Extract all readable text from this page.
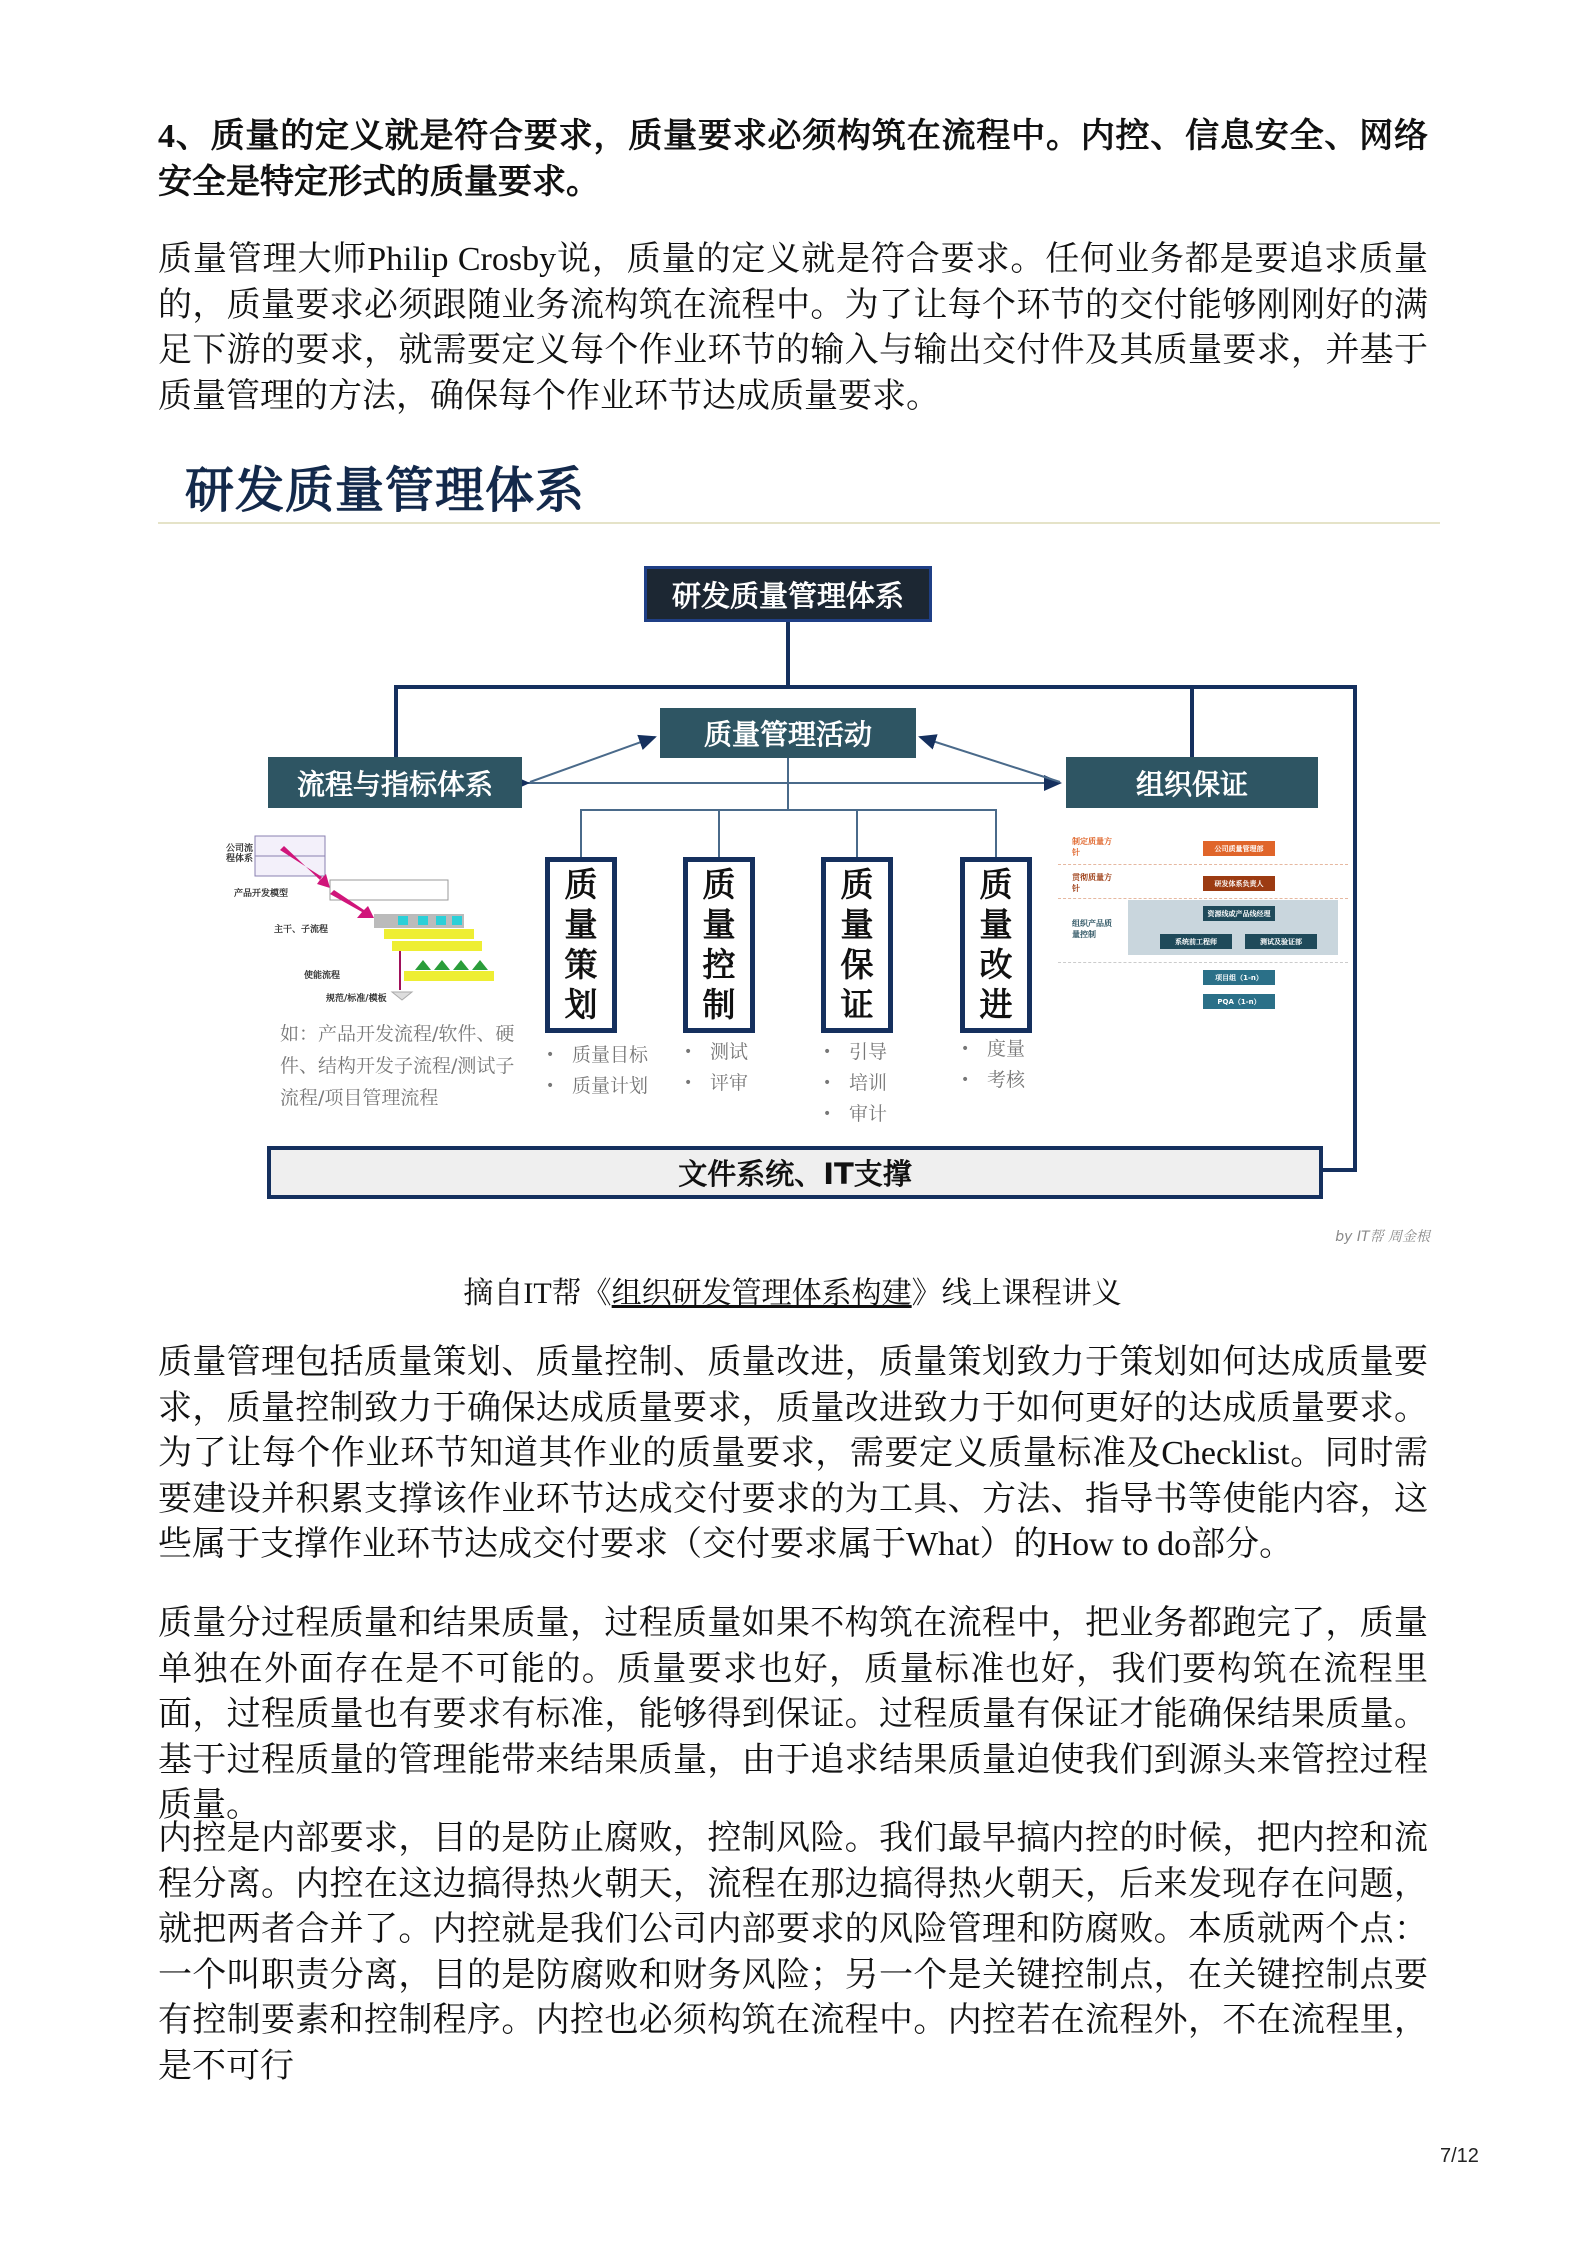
4、质量的定义就是符合要求，质量要求必须构筑在流程中。内控、信息安全、网络安全是特定形式的质量要求。

质量管理大师Philip Crosby说，质量的定义就是符合要求。任何业务都是要追求质量的，质量要求必须跟随业务流构筑在流程中。为了让每个环节的交付能够刚刚好的满足下游的要求，就需要定义每个作业环节的输入与输出交付件及其质量要求，并基于质量管理的方法，确保每个作业环节达成质量要求。

研发质量管理体系
研发质量管理体系
质量管理活动
流程与指标体系	组织保证
质
量
策
划
质
量
控
制
质
量
保
证
质
量
改
进
• 质量目标
• 质量计划
• 测试
• 评审
• 引导
• 培训
• 审计
• 度量
• 考核
公司流程体系
产品开发模型
主干、子流程
使能流程
规范/标准/模板
如：产品开发流程/软件、硬件、结构开发子流程/测试子流程/项目管理流程
制定质量方针
贯彻质量方针
组织产品质量控制
公司质量管理部
研发体系负责人
资源线或产品线经理
系统前工程师	测试及验证部
项目组（1-n）
PQA（1-n）
文件系统、IT支撑
by IT帮 周金根
摘自IT帮《组织研发管理体系构建》线上课程讲义

质量管理包括质量策划、质量控制、质量改进，质量策划致力于策划如何达成质量要求，质量控制致力于确保达成质量要求，质量改进致力于如何更好的达成质量要求。为了让每个作业环节知道其作业的质量要求，需要定义质量标准及Checklist。同时需要建设并积累支撑该作业环节达成交付要求的为工具、方法、指导书等使能内容，这些属于支撑作业环节达成交付要求（交付要求属于What）的How to do部分。

质量分过程质量和结果质量，过程质量如果不构筑在流程中，把业务都跑完了，质量单独在外面存在是不可能的。质量要求也好，质量标准也好，我们要构筑在流程里面，过程质量也有要求有标准，能够得到保证。过程质量有保证才能确保结果质量。基于过程质量的管理能带来结果质量，由于追求结果质量迫使我们到源头来管控过程质量。

内控是内部要求，目的是防止腐败，控制风险。我们最早搞内控的时候，把内控和流程分离。内控在这边搞得热火朝天，流程在那边搞得热火朝天，后来发现存在问题，就把两者合并了。内控就是我们公司内部要求的风险管理和防腐败。本质就两个点：一个叫职责分离，目的是防腐败和财务风险；另一个是关键控制点，在关键控制点要有控制要素和控制程序。内控也必须构筑在流程中。内控若在流程外，不在流程里，是不可行

7/12
